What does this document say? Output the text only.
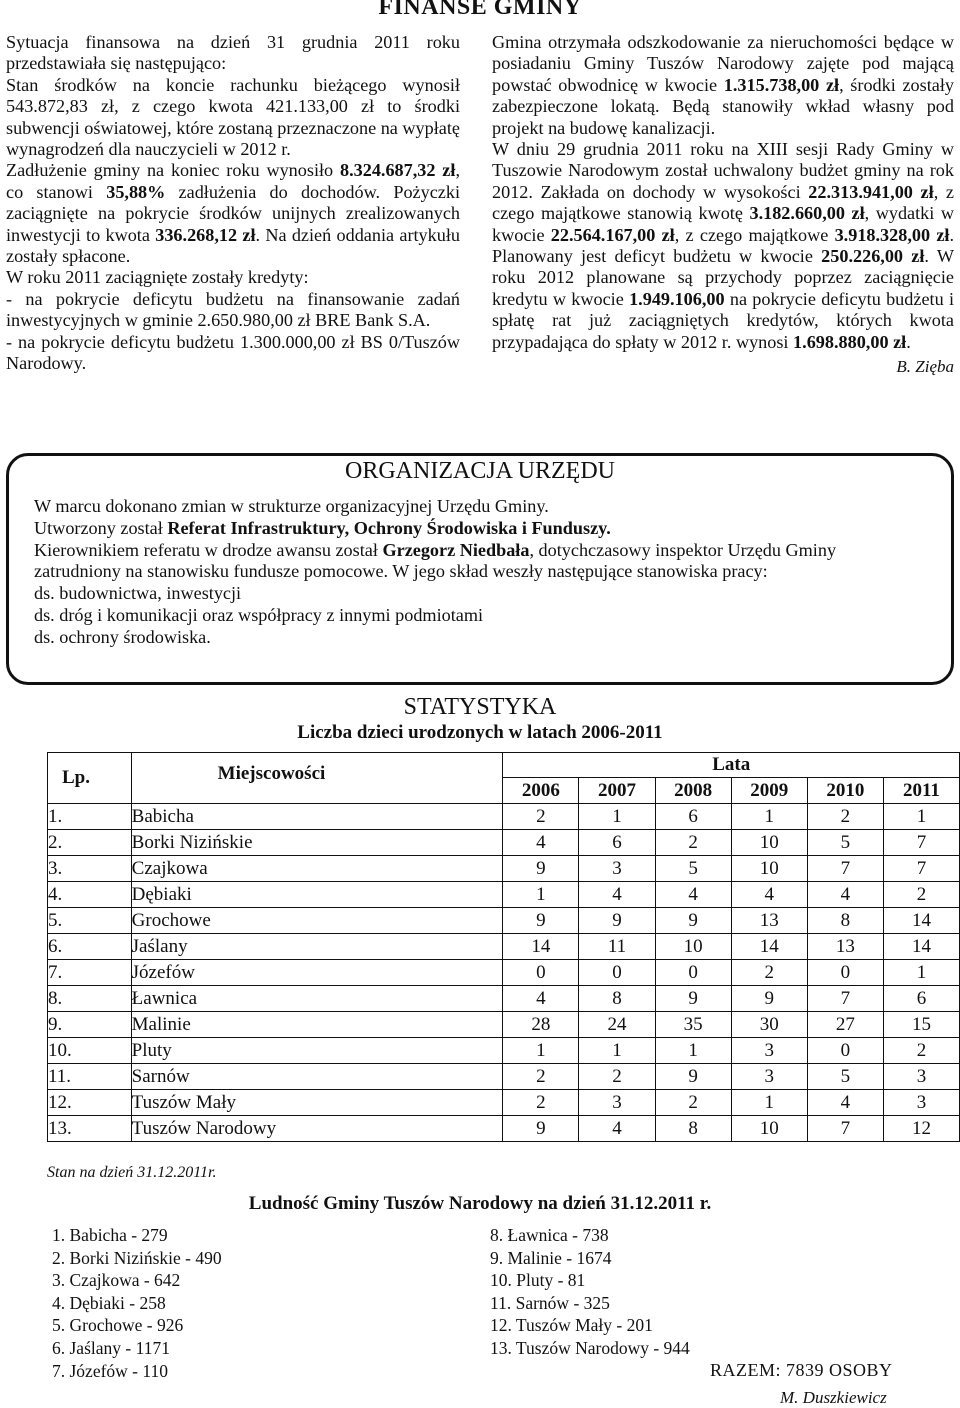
FINANSE GMINY

Sytuacja finansowa na dzień 31 grudnia 2011 roku przedstawiała się następująco:

Stan środków na koncie rachunku bieżącego wynosił 543.872,83 zł, z czego kwota 421.133,00 zł to środki subwencji oświatowej, które zostaną przeznaczone na wypłatę wynagrodzeń dla nauczycieli w 2012 r.

Zadłużenie gminy na koniec roku wynosiło 8.324.687,32 zł, co stanowi 35,88% zadłużenia do dochodów. Pożyczki zaciągnięte na pokrycie środków unijnych zrealizowanych inwestycji to kwota 336.268,12 zł. Na dzień oddania artykułu zostały spłacone.

W roku 2011 zaciągnięte zostały kredyty:

- na pokrycie deficytu budżetu na finansowanie zadań inwestycyjnych w gminie 2.650.980,00 zł BRE Bank S.A.

- na pokrycie deficytu budżetu 1.300.000,00 zł BS 0/Tuszów Narodowy.

Gmina otrzymała odszkodowanie za nieruchomości będące w posiadaniu Gminy Tuszów Narodowy zajęte pod mającą powstać obwodnicę w kwocie 1.315.738,00 zł, środki zostały zabezpieczone lokatą. Będą stanowiły wkład własny pod projekt na budowę kanalizacji.

W dniu 29 grudnia 2011 roku na XIII sesji Rady Gminy w Tuszowie Narodowym został uchwalony budżet gminy na rok 2012. Zakłada on dochody w wysokości 22.313.941,00 zł, z czego majątkowe stanowią kwotę 3.182.660,00 zł, wydatki w kwocie 22.564.167,00 zł, z czego majątkowe 3.918.328,00 zł. Planowany jest deficyt budżetu w kwocie 250.226,00 zł. W roku 2012 planowane są przychody poprzez zaciągnięcie kredytu w kwocie 1.949.106,00 na pokrycie deficytu budżetu i spłatę rat już zaciągniętych kredytów, których kwota przypadająca do spłaty w 2012 r. wynosi 1.698.880,00 zł.

B. Zięba
ORGANIZACJA URZĘDU
W marcu dokonano zmian w strukturze organizacyjnej Urzędu Gminy.
Utworzony został Referat Infrastruktury, Ochrony Środowiska i Funduszy.
Kierownikiem referatu w drodze awansu został Grzegorz Niedbała, dotychczasowy inspektor Urzędu Gminy
zatrudniony na stanowisku fundusze pomocowe. W jego skład weszły następujące stanowiska pracy:
ds. budownictwa, inwestycji
ds. dróg i komunikacji oraz współpracy z innymi podmiotami
ds. ochrony środowiska.
STATYSTYKA
Liczba dzieci urodzonych w latach 2006-2011
Lp.	Miejscowości	Lata					
		2006	2007	2008	2009	2010	2011
1.	Babicha	2	1	6	1	2	1
2.	Borki Nizińskie	4	6	2	10	5	7
3.	Czajkowa	9	3	5	10	7	7
4.	Dębiaki	1	4	4	4	4	2
5.	Grochowe	9	9	9	13	8	14
6.	Jaślany	14	11	10	14	13	14
7.	Józefów	0	0	0	2	0	1
8.	Ławnica	4	8	9	9	7	6
9.	Malinie	28	24	35	30	27	15
10.	Pluty	1	1	1	3	0	2
11.	Sarnów	2	2	9	3	5	3
12.	Tuszów Mały	2	3	2	1	4	3
13.	Tuszów Narodowy	9	4	8	10	7	12
Stan na dzień 31.12.2011r.
Ludność Gminy Tuszów Narodowy na dzień 31.12.2011 r.
1. Babicha - 279
2. Borki Nizińskie - 490
3. Czajkowa - 642
4. Dębiaki - 258
5. Grochowe - 926
6. Jaślany - 1171
7. Józefów - 110
8. Ławnica - 738
9. Malinie - 1674
10. Pluty - 81
11. Sarnów - 325
12. Tuszów Mały - 201
13. Tuszów Narodowy - 944
RAZEM: 7839 OSOBY
M. Duszkiewicz
